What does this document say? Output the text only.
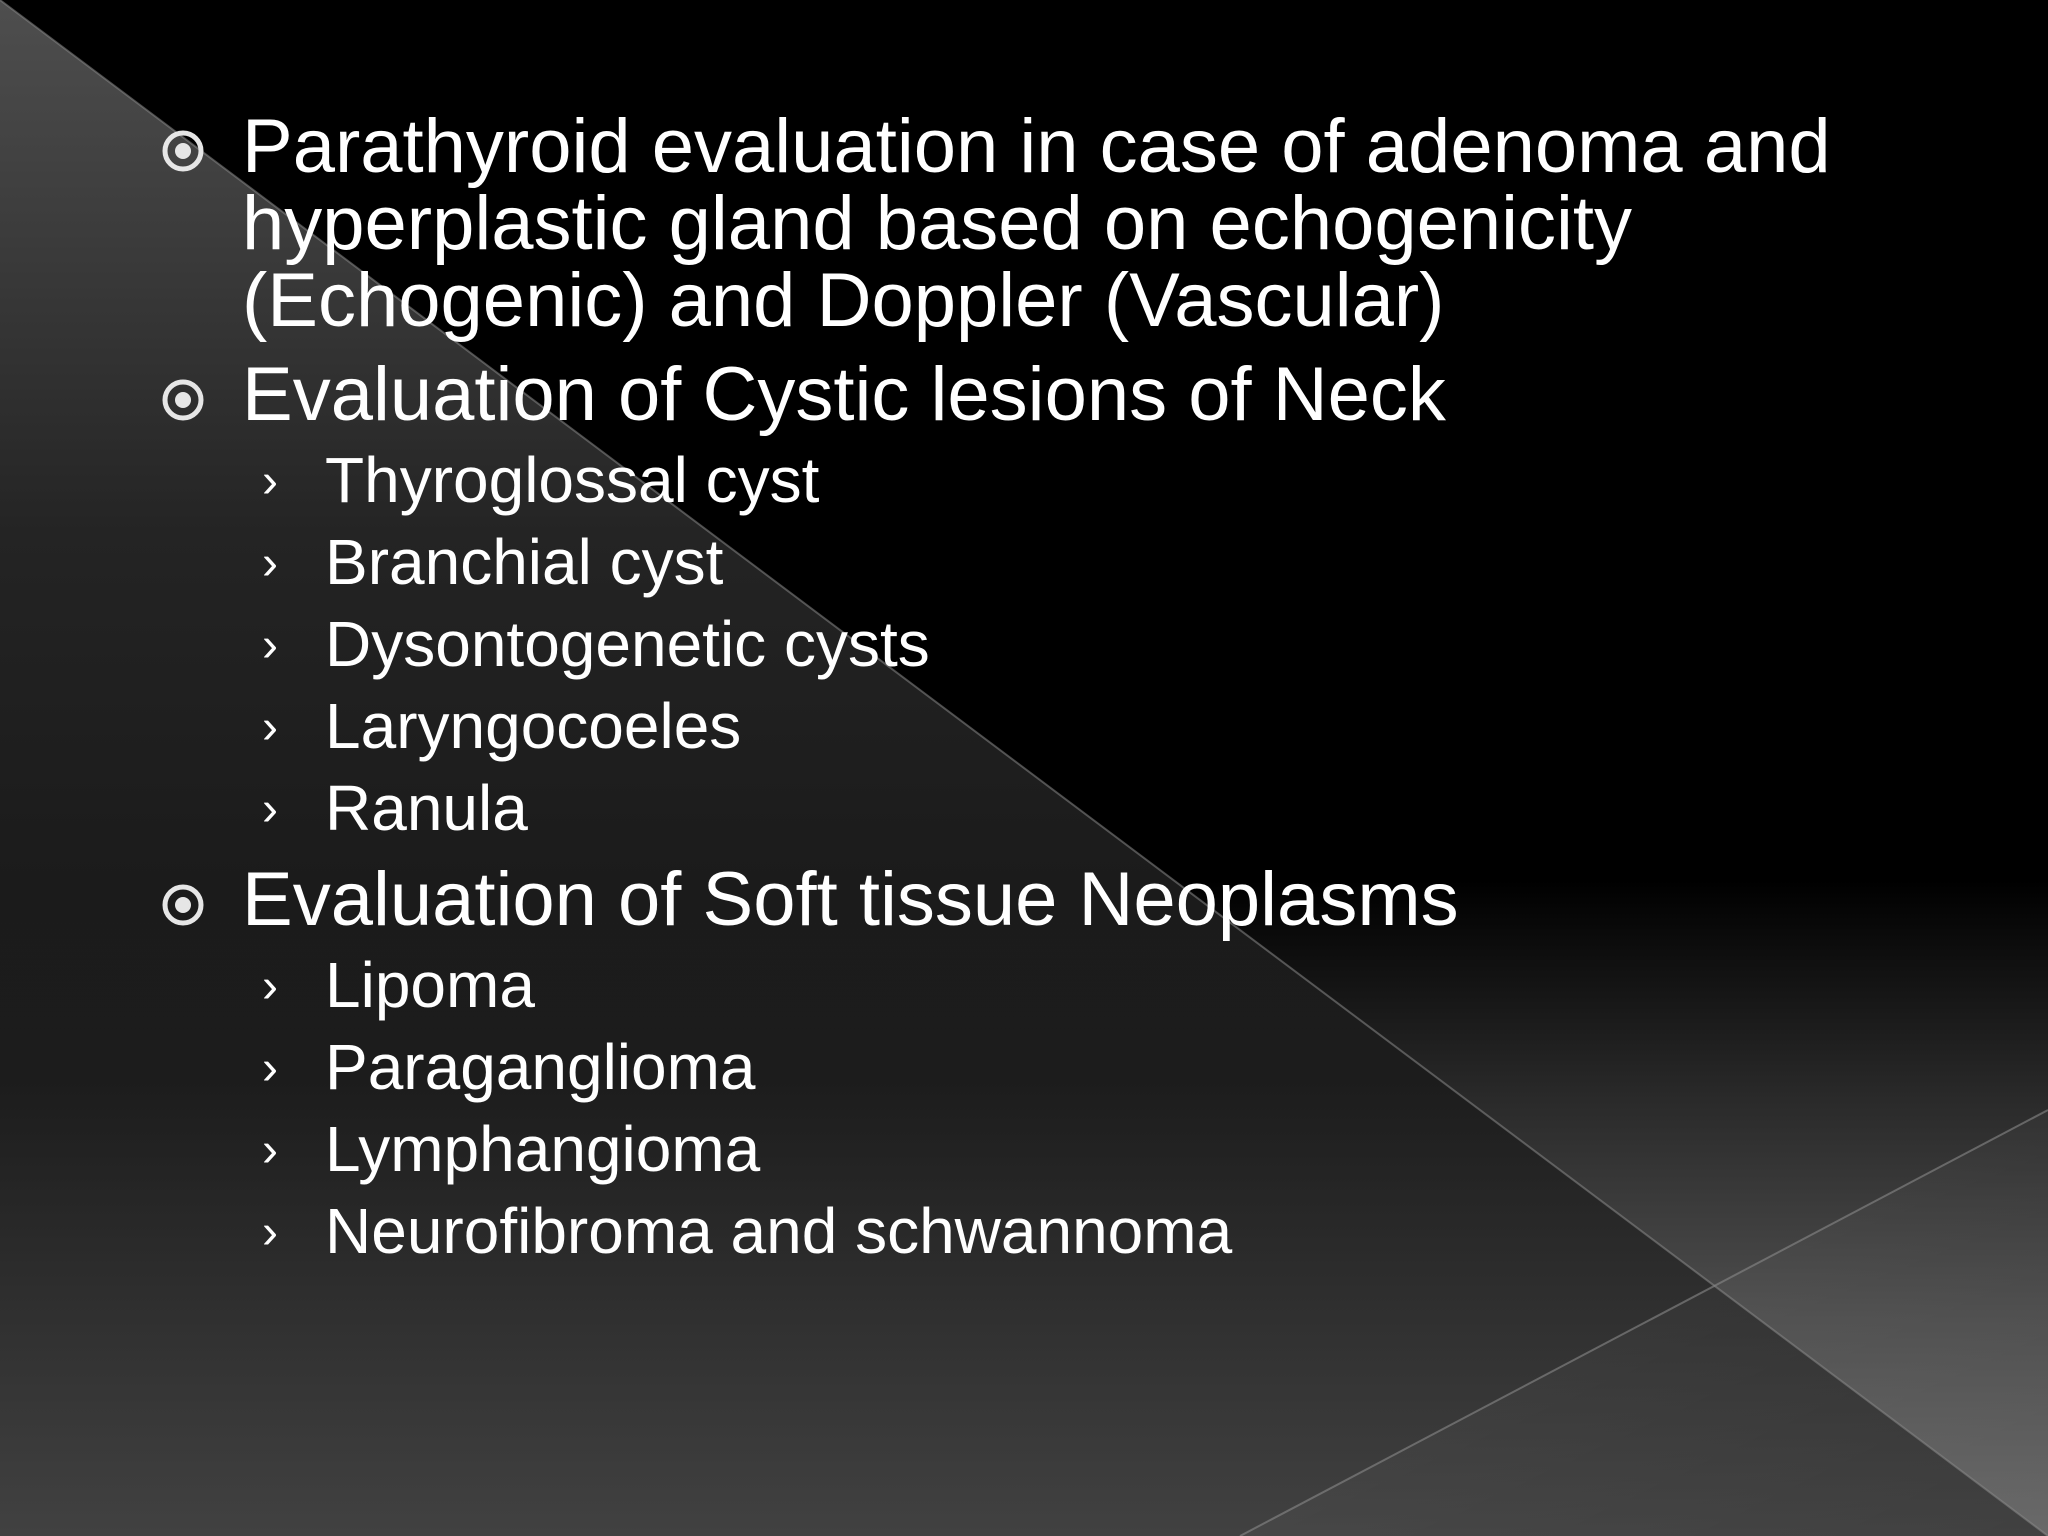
Parathyroid evaluation in case of adenoma and
hyperplastic gland based on echogenicity
(Echogenic) and Doppler (Vascular)
Evaluation of Cystic lesions of Neck
› Thyroglossal cyst
› Branchial cyst
› Dysontogenetic cysts
› Laryngocoeles
› Ranula
Evaluation of Soft tissue Neoplasms
› Lipoma
› Paraganglioma
› Lymphangioma
› Neurofibroma and schwannoma
